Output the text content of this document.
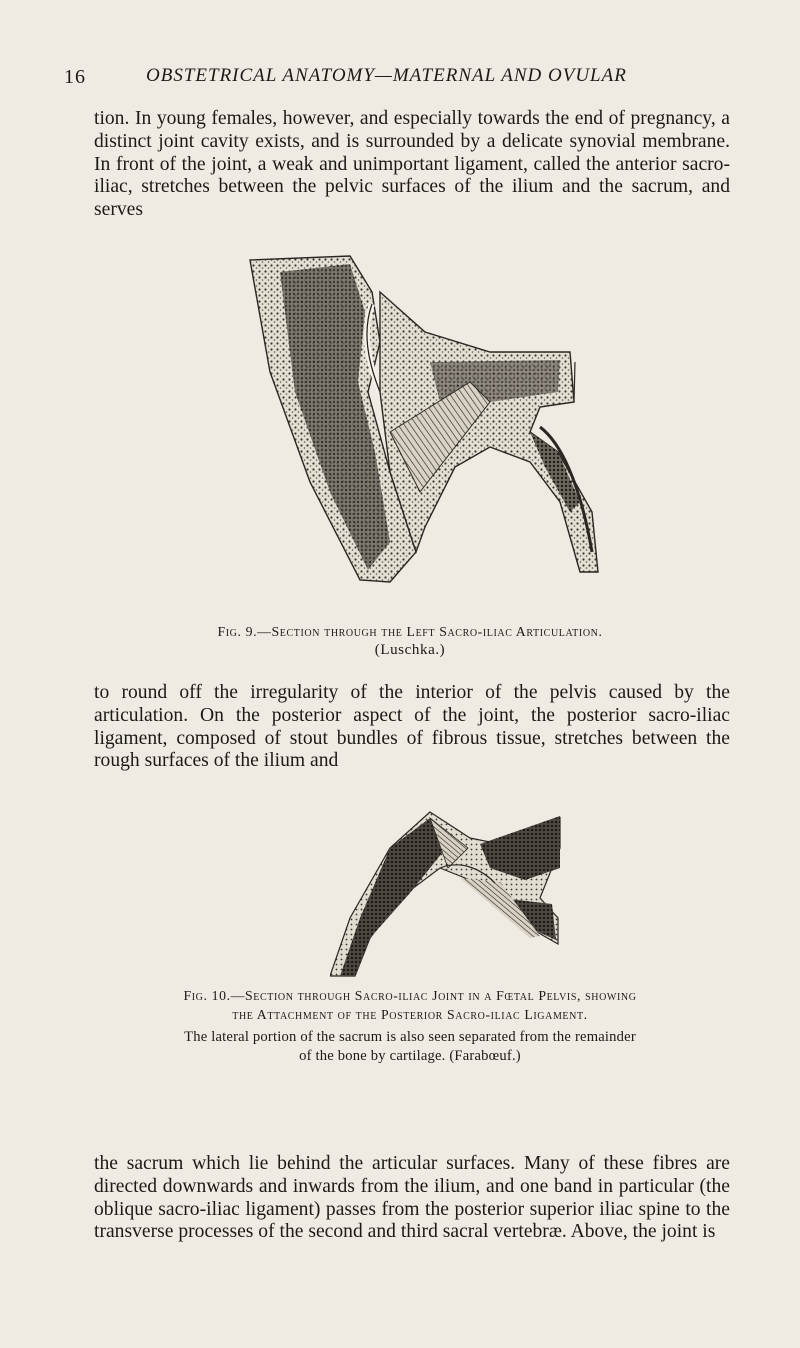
16	OBSTETRICAL ANATOMY—MATERNAL AND OVULAR

tion. In young females, however, and especially towards the end of pregnancy, a distinct joint cavity exists, and is surrounded by a delicate synovial membrane. In front of the joint, a weak and unimportant ligament, called the anterior sacro-iliac, stretches between the pelvic surfaces of the ilium and the sacrum, and serves

Fig. 9.—Section through the Left Sacro-iliac Articulation.
(Luschka.)

to round off the irregularity of the interior of the pelvis caused by the articulation. On the posterior aspect of the joint, the posterior sacro-iliac ligament, composed of stout bundles of fibrous tissue, stretches between the rough surfaces of the ilium and

Fig. 10.—Section through Sacro-iliac Joint in a Fœtal Pelvis, showing
the Attachment of the Posterior Sacro-iliac Ligament.
The lateral portion of the sacrum is also seen separated from the remainder
of the bone by cartilage. (Farabœuf.)

the sacrum which lie behind the articular surfaces. Many of these fibres are directed downwards and inwards from the ilium, and one band in particular (the oblique sacro-iliac ligament) passes from the posterior superior iliac spine to the transverse processes of the second and third sacral vertebræ. Above, the joint is
